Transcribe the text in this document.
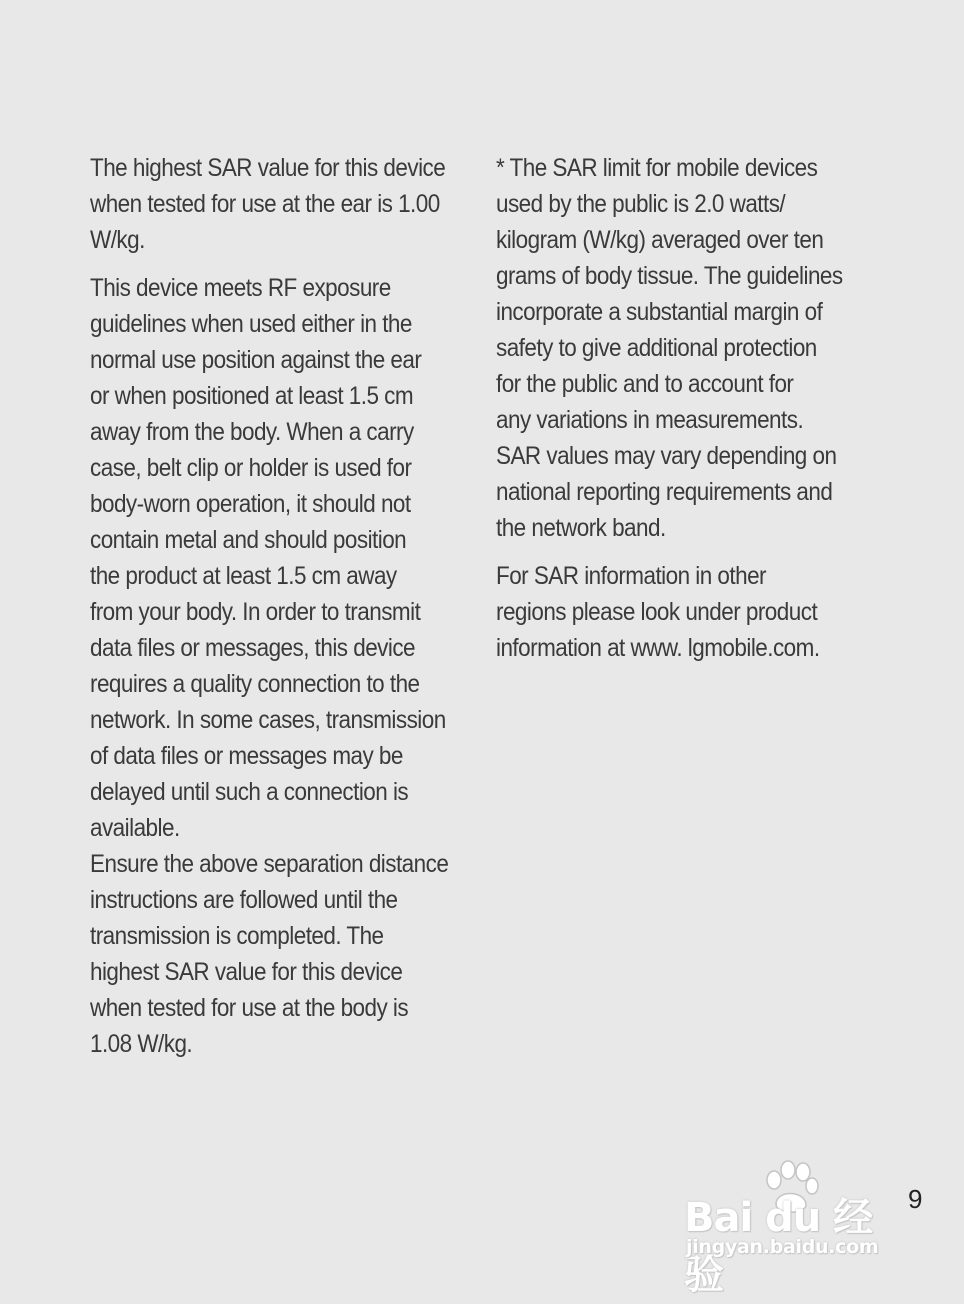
The highest SAR value for this device
when tested for use at the ear is 1.00
W/kg.

This device meets RF exposure
guidelines when used either in the
normal use position against the ear
or when positioned at least 1.5 cm
away from the body. When a carry
case, belt clip or holder is used for
body-worn operation, it should not
contain metal and should position
the product at least 1.5 cm away
from your body. In order to transmit
data files or messages, this device
requires a quality connection to the
network. In some cases, transmission
of data files or messages may be
delayed until such a connection is
available.

Ensure the above separation distance
instructions are followed until the
transmission is completed. The
highest SAR value for this device
when tested for use at the body is
1.08 W/kg.

* The SAR limit for mobile devices
used by the public is 2.0 watts/
kilogram (W/kg) averaged over ten
grams of body tissue. The guidelines
incorporate a substantial margin of
safety to give additional protection
for the public and to account for
any variations in measurements.
SAR values may vary depending on
national reporting requirements and
the network band.

For SAR information in other
regions please look under product
information at www. lgmobile.com.

Bai du 经验
jingyan.baidu.com
9
